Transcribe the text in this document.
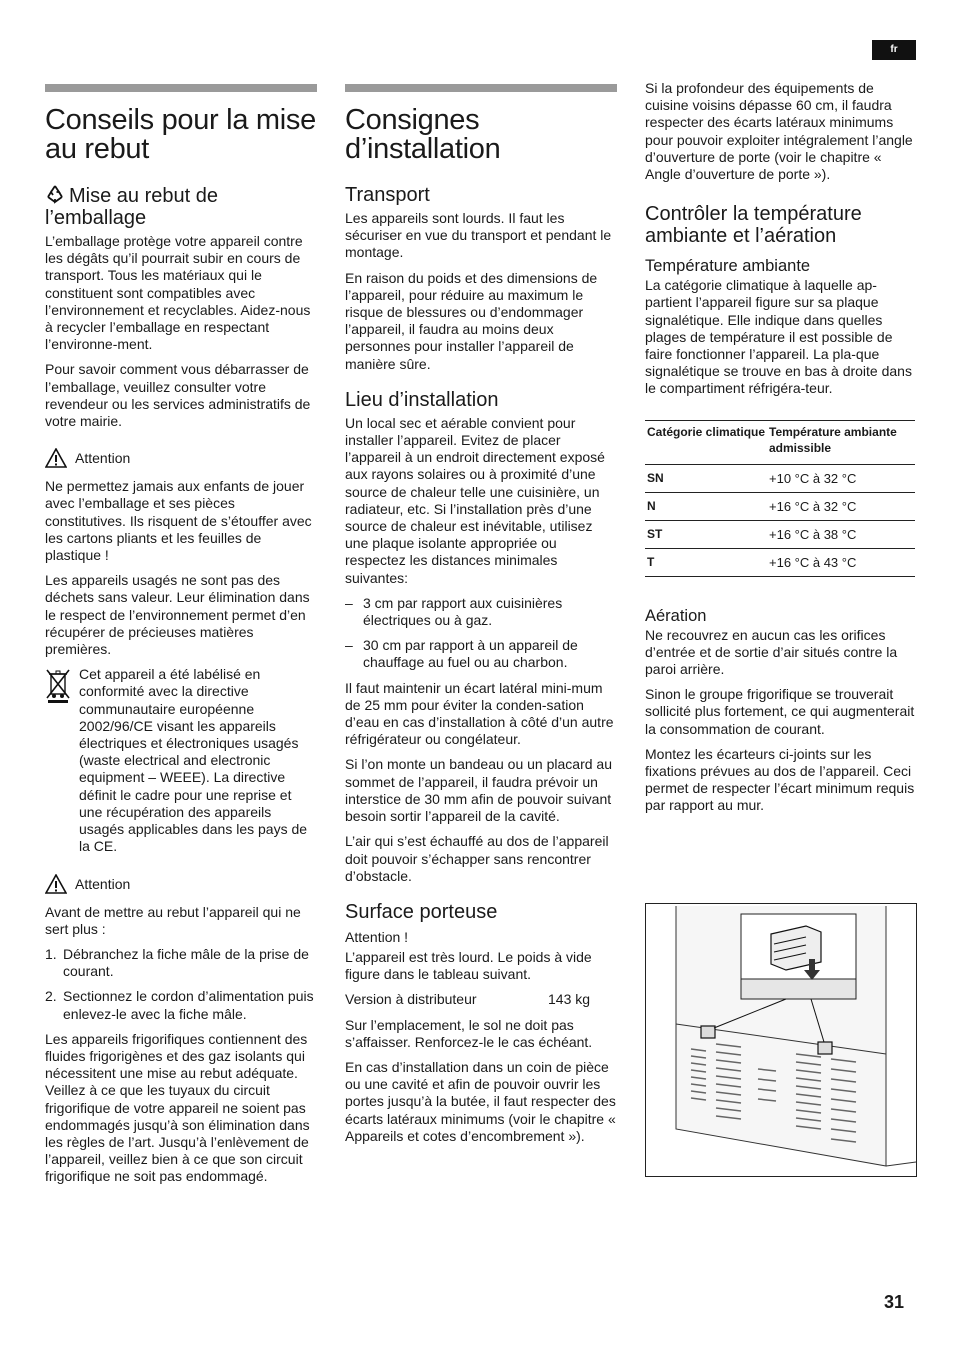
fr
Conseils pour la mise au rebut
Mise au rebut de l’emballage

L’emballage protège votre appareil contre les dégâts qu’il pourrait subir en cours de transport. Tous les matériaux qui le constituent sont compatibles avec l’environnement et recyclables. Aidez-nous à recycler l’emballage en respectant l’environne-ment.

Pour savoir comment vous débarrasser de l’emballage, veuillez consulter votre revendeur ou les services administratifs de votre mairie.

Attention

Ne permettez jamais aux enfants de jouer avec l’emballage et ses pièces constitutives. Ils risquent de s’étouffer avec les cartons pliants et les feuilles de plastique !

Les appareils usagés ne sont pas des déchets sans valeur. Leur élimination dans le respect de l’environnement permet d’en récupérer de précieuses matières premières.

Cet appareil a été labélisé en conformité avec la directive communautaire européenne 2002/96/CE visant les appareils électriques et électroniques usagés (waste electrical and electronic equipment – WEEE). La directive définit le cadre pour une reprise et une récupération des appareils usagés applicables dans les pays de la CE.

Attention

Avant de mettre au rebut l’appareil qui ne sert plus :

1. Débranchez la fiche mâle de la prise de courant.
2. Sectionnez le cordon d’alimentation puis enlevez-le avec la fiche mâle.

Les appareils frigorifiques contiennent des fluides frigorigènes et des gaz isolants qui nécessitent une mise au rebut adéquate. Veillez à ce que les tuyaux du circuit frigorifique de votre appareil ne soient pas endommagés jusqu’à son élimination dans les règles de l’art. Jusqu’à l’enlèvement de l’appareil, veillez bien à ce que son circuit frigorifique ne soit pas endommagé.

Consignes d’installation
Transport

Les appareils sont lourds. Il faut les sécuriser en vue du transport et pendant le montage.

En raison du poids et des dimensions de l’appareil, pour réduire au maximum le risque de blessures ou d’endommager l’appareil, il faudra au moins deux personnes pour installer l’appareil de manière sûre.

Lieu d’installation

Un local sec et aérable convient pour installer l’appareil. Evitez de placer l’appareil à un endroit directement exposé aux rayons solaires ou à proximité d’une source de chaleur telle une cuisinière, un radiateur, etc. Si l’installation près d’une source de chaleur est inévitable, utilisez une plaque isolante appropriée ou respectez les distances minimales suivantes:

– 3 cm par rapport aux cuisinières électriques ou à gaz.
– 30 cm par rapport à un appareil de chauffage au fuel ou au charbon.

Il faut maintenir un écart latéral mini-mum de 25 mm pour éviter la conden-sation d’eau en cas d’installation à côté d’un autre réfrigérateur ou congélateur.

Si l’on monte un bandeau ou un placard au sommet de l’appareil, il faudra prévoir un interstice de 30 mm afin de pouvoir suivant besoin sortir l’appareil de la cavité.

L’air qui s’est échauffé au dos de l’appareil doit pouvoir s’échapper sans rencontrer d’obstacle.

Surface porteuse
Attention !

L’appareil est très lourd. Le poids à vide figure dans le tableau suivant.

Version à distributeur	143 kg

Sur l’emplacement, le sol ne doit pas s’affaisser. Renforcez-le le cas échéant.

En cas d’installation dans un coin de pièce ou une cavité et afin de pouvoir ouvrir les portes jusqu’à la butée, il faut respecter des écarts latéraux minimums (voir le chapitre « Appareils et cotes d’encombrement »).

Si la profondeur des équipements de cuisine voisins dépasse 60 cm, il faudra respecter des écarts latéraux minimums pour pouvoir exploiter intégralement l’angle d’ouverture de porte (voir le chapitre « Angle d’ouverture de porte »).

Contrôler la température ambiante et l’aération
Température ambiante

La catégorie climatique à laquelle ap-partient l’appareil figure sur sa plaque signalétique. Elle indique dans quelles plages de température il est possible de faire fonctionner l’appareil. La pla-que signalétique se trouve en bas à droite dans le compartiment réfrigéra-teur.

Catégorie climatique	Température ambiante admissible
SN	+10 °C à 32 °C
N	+16 °C à 32 °C
ST	+16 °C à 38 °C
T	+16 °C à 43 °C
Aération

Ne recouvrez en aucun cas les orifices d’entrée et de sortie d’air situés contre la paroi arrière.

Sinon le groupe frigorifique se trouverait sollicité plus fortement, ce qui augmenterait la consommation de courant.

Montez les écarteurs ci-joints sur les fixations prévues au dos de l’appareil. Ceci permet de respecter l’écart minimum requis par rapport au mur.

31
